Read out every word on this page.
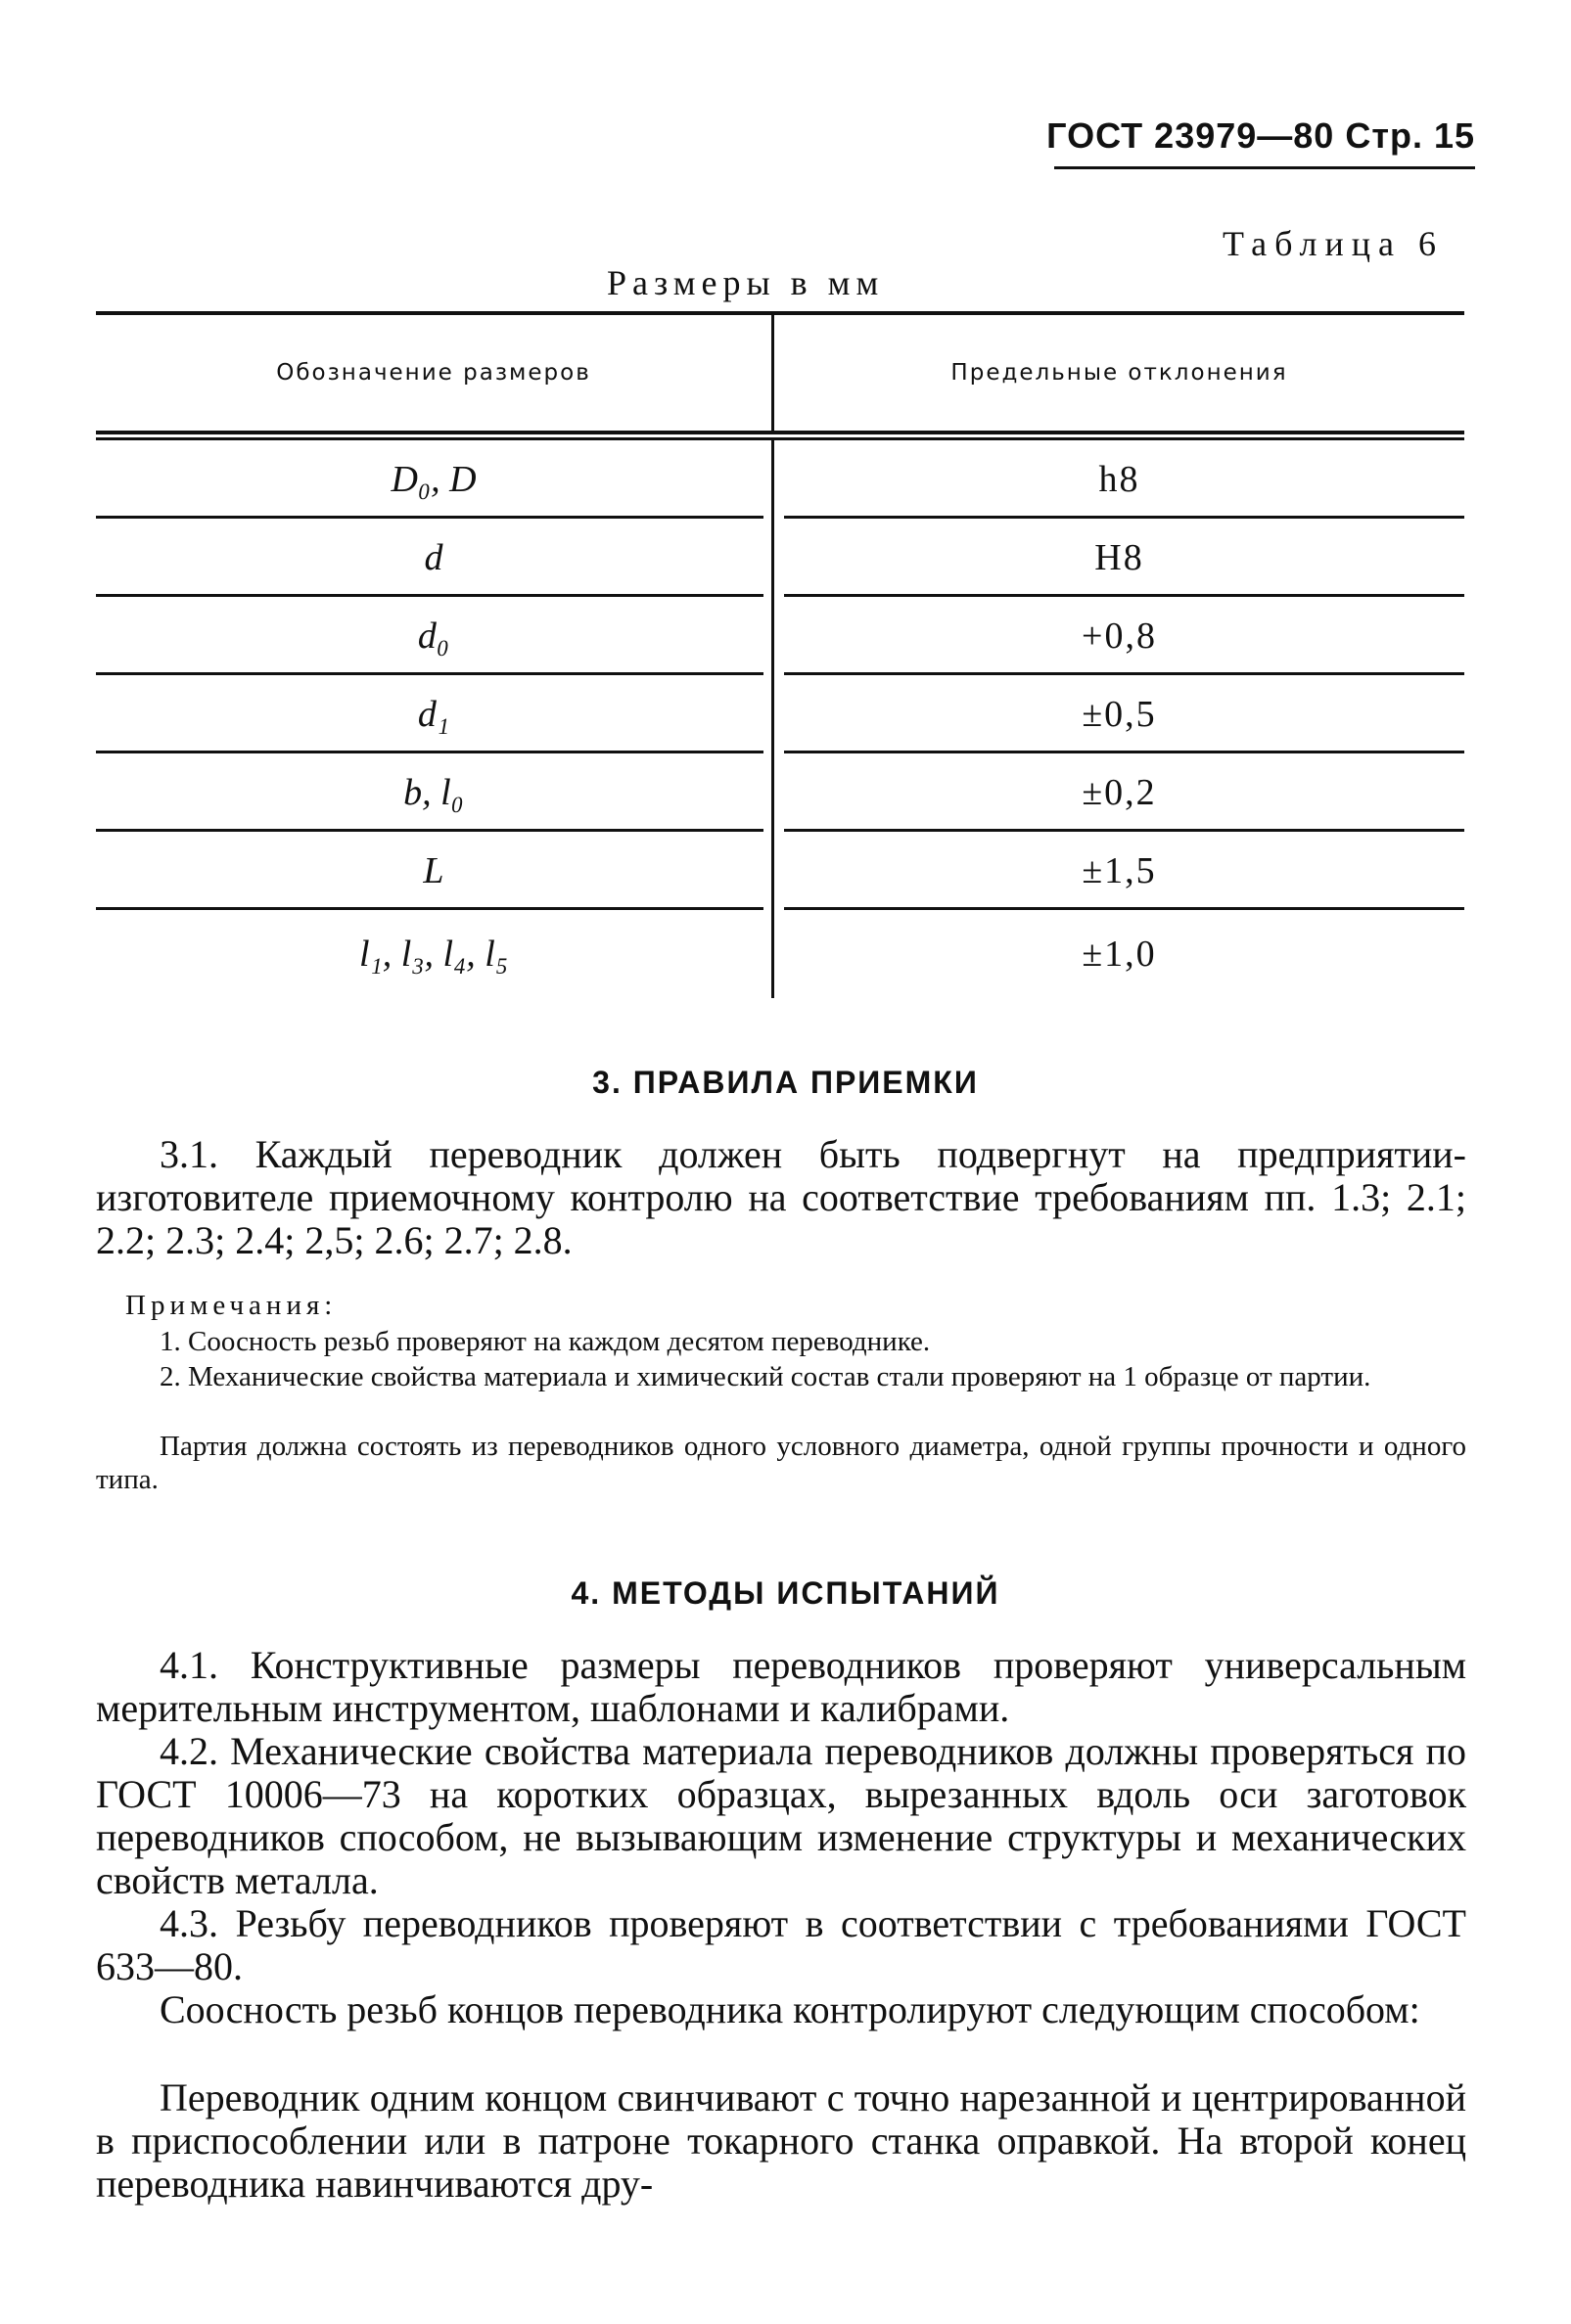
ГОСТ 23979—80 Стр. 15
Таблица 6
Размеры в мм
Обозначение размеров	Предельные отклонения
D₀, D	h8
d	H8
d₀	+0,8
d₁	±0,5
b, l₀	±0,2
L	±1,5
l₁, l₃, l₄, l₅	±1,0
3. ПРАВИЛА ПРИЕМКИ
3.1. Каждый переводник должен быть подвергнут на предприятии-изготовителе приемочному контролю на соответствие требованиям пп. 1.3; 2.1; 2.2; 2.3; 2.4; 2,5; 2.6; 2.7; 2.8.
Примечания:
1. Соосность резьб проверяют на каждом десятом переводнике.
2. Механические свойства материала и химический состав стали проверяют на 1 образце от партии.
Партия должна состоять из переводников одного условного диаметра, одной группы прочности и одного типа.
4. МЕТОДЫ ИСПЫТАНИЙ
4.1. Конструктивные размеры переводников проверяют универсальным мерительным инструментом, шаблонами и калибрами.
4.2. Механические свойства материала переводников должны проверяться по ГОСТ 10006—73 на коротких образцах, вырезанных вдоль оси заготовок переводников способом, не вызывающим изменение структуры и механических свойств металла.
4.3. Резьбу переводников проверяют в соответствии с требованиями ГОСТ 633—80.
Соосность резьб концов переводника контролируют следующим способом:
Переводник одним концом свинчивают с точно нарезанной и центрированной в приспособлении или в патроне токарного станка оправкой. На второй конец переводника навинчиваются дру-
